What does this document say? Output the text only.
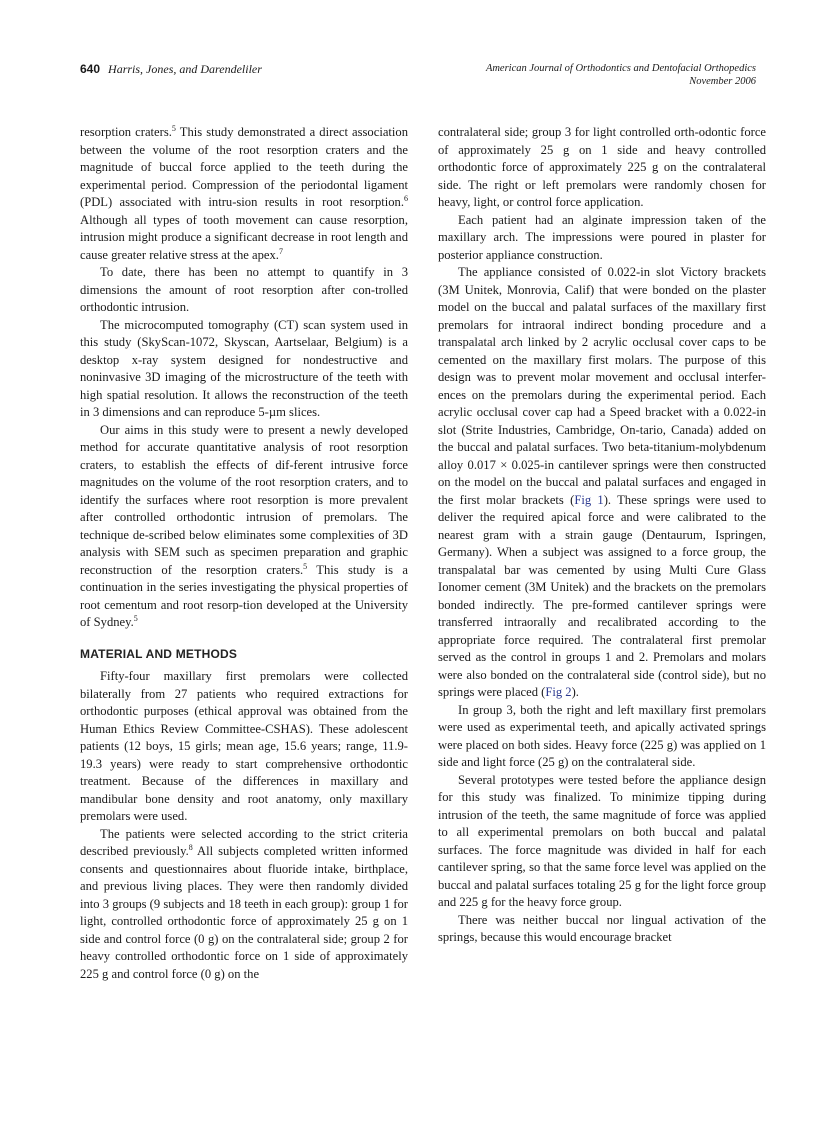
640 Harris, Jones, and Darendeliler	American Journal of Orthodontics and Dentofacial Orthopedics
November 2006

resorption craters.$^5$ This study demonstrated a direct association between the volume of the root resorption craters and the magnitude of buccal force applied to the teeth during the experimental period. Compression of the periodontal ligament (PDL) associated with intru-sion results in root resorption.$^6$ Although all types of tooth movement can cause resorption, intrusion might produce a significant decrease in root length and cause greater relative stress at the apex.$^7$

To date, there has been no attempt to quantify in 3 dimensions the amount of root resorption after con-trolled orthodontic intrusion.

The microcomputed tomography (CT) scan system used in this study (SkyScan-1072, Skyscan, Aartselaar, Belgium) is a desktop x-ray system designed for nondestructive and noninvasive 3D imaging of the microstructure of the teeth with high spatial resolution. It allows the reconstruction of the teeth in 3 dimensions and can reproduce 5-µm slices.

Our aims in this study were to present a newly developed method for accurate quantitative analysis of root resorption craters, to establish the effects of dif-ferent intrusive force magnitudes on the volume of the root resorption craters, and to identify the surfaces where root resorption is more prevalent after controlled orthodontic intrusion of premolars. The technique de-scribed below eliminates some complexities of 3D analysis with SEM such as specimen preparation and graphic reconstruction of the resorption craters.$^5$ This study is a continuation in the series investigating the physical properties of root cementum and root resorp-tion developed at the University of Sydney.$^5$

MATERIAL AND METHODS

Fifty-four maxillary first premolars were collected bilaterally from 27 patients who required extractions for orthodontic purposes (ethical approval was obtained from the Human Ethics Review Committee-CSHAS). These adolescent patients (12 boys, 15 girls; mean age, 15.6 years; range, 11.9-19.3 years) were ready to start comprehensive orthodontic treatment. Because of the differences in maxillary and mandibular bone density and root anatomy, only maxillary premolars were used.

The patients were selected according to the strict criteria described previously.$^8$ All subjects completed written informed consents and questionnaires about fluoride intake, birthplace, and previous living places. They were then randomly divided into 3 groups (9 subjects and 18 teeth in each group): group 1 for light, controlled orthodontic force of approximately 25 g on 1 side and control force (0 g) on the contralateral side; group 2 for heavy controlled orthodontic force on 1 side of approximately 225 g and control force (0 g) on the

contralateral side; group 3 for light controlled orth-odontic force of approximately 25 g on 1 side and heavy controlled orthodontic force of approximately 225 g on the contralateral side. The right or left premolars were randomly chosen for heavy, light, or control force application.

Each patient had an alginate impression taken of the maxillary arch. The impressions were poured in plaster for posterior appliance construction.

The appliance consisted of 0.022-in slot Victory brackets (3M Unitek, Monrovia, Calif) that were bonded on the plaster model on the buccal and palatal surfaces of the maxillary first premolars for intraoral indirect bonding procedure and a transpalatal arch linked by 2 acrylic occlusal cover caps to be cemented on the maxillary first molars. The purpose of this design was to prevent molar movement and occlusal interfer-ences on the premolars during the experimental period. Each acrylic occlusal cover cap had a Speed bracket with a 0.022-in slot (Strite Industries, Cambridge, On-tario, Canada) added on the buccal and palatal surfaces. Two beta-titanium-molybdenum alloy 0.017 × 0.025-in cantilever springs were then constructed on the model on the buccal and palatal surfaces and engaged in the first molar brackets (Fig 1). These springs were used to deliver the required apical force and were calibrated to the nearest gram with a strain gauge (Dentaurum, Ispringen, Germany). When a subject was assigned to a force group, the transpalatal bar was cemented by using Multi Cure Glass Ionomer cement (3M Unitek) and the brackets on the premolars bonded indirectly. The pre-formed cantilever springs were transferred intraorally and recalibrated according to the appropriate force required. The contralateral first premolar served as the control in groups 1 and 2. Premolars and molars were also bonded on the contralateral side (control side), but no springs were placed (Fig 2).

In group 3, both the right and left maxillary first premolars were used as experimental teeth, and apically activated springs were placed on both sides. Heavy force (225 g) was applied on 1 side and light force (25 g) on the contralateral side.

Several prototypes were tested before the appliance design for this study was finalized. To minimize tipping during intrusion of the teeth, the same magnitude of force was applied to all experimental premolars on both buccal and palatal surfaces. The force magnitude was divided in half for each cantilever spring, so that the same force level was applied on the buccal and palatal surfaces totaling 25 g for the light force group and 225 g for the heavy force group.

There was neither buccal nor lingual activation of the springs, because this would encourage bracket
